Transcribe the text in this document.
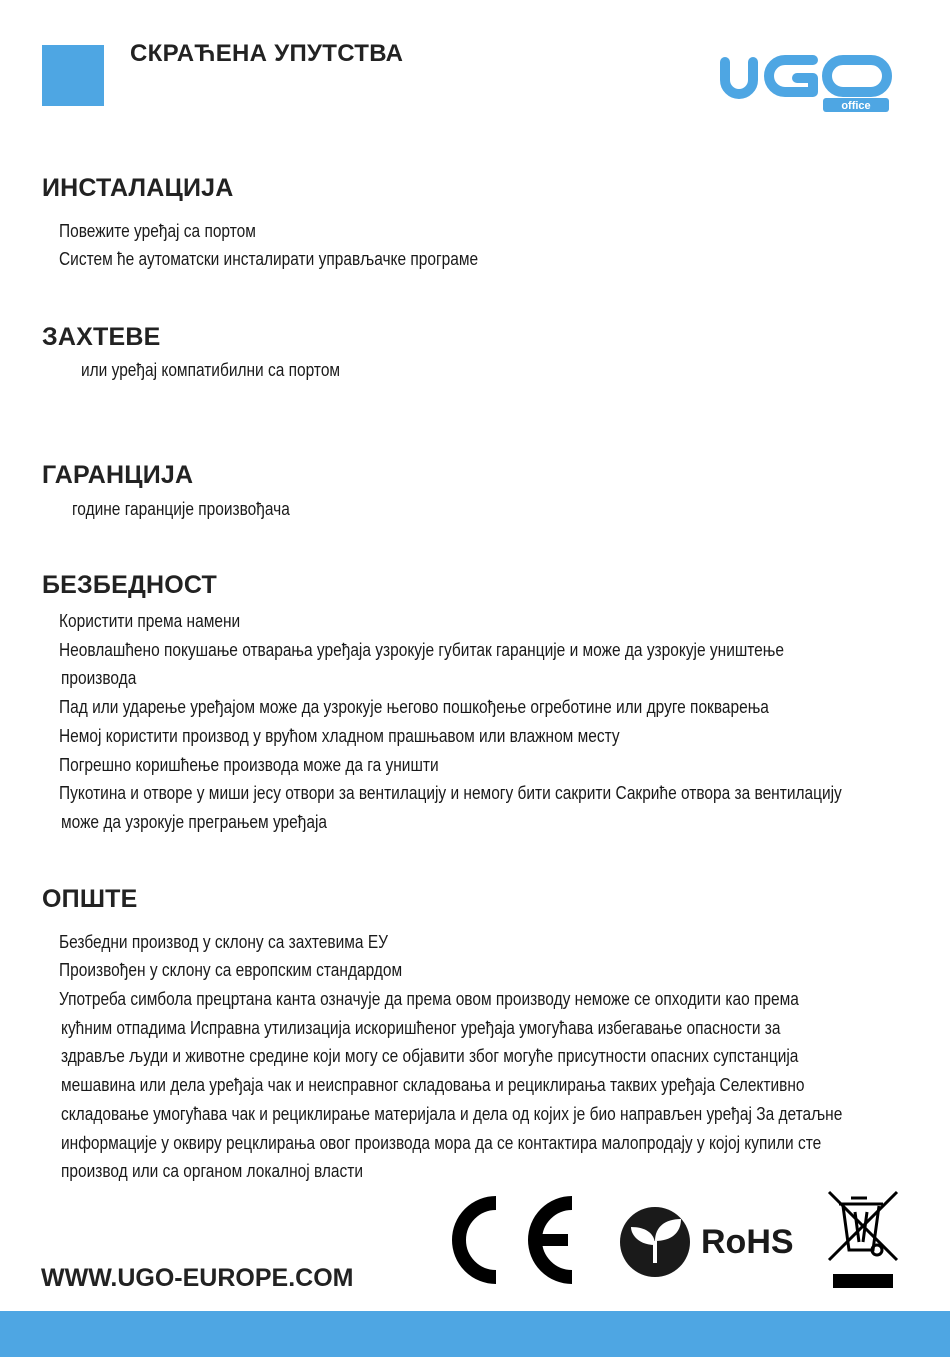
СКРАЋЕНА УПУТСТВА
office
ИНСТАЛАЦИЈА

Повежите уређај са портом

Систем ће аутоматски инсталирати управљачке програме

ЗАХТЕВЕ

или уређај компатибилни са портом

ГАРАНЦИЈА

године гаранције произвођача

БЕЗБЕДНОСТ

Користити према намени

Неовлашћено покушање отварања уређаја узрокује губитак гаранције и може да узрокује уништење

производа

Пад или ударење уређајом може да узрокује његово пошкођење огреботине или друге покварења

Немој користити производ у врућом хладном прашњавом или влажном месту

Погрешно коришћење производа може да га уништи

Пукотина и отворе у миши јесу отвори за вентилацију и немогу бити сакрити Сакриће отвора за вентилацију

може да узрокује преграњем уређаја

ОПШТЕ

Безбедни производ у склону са захтевима ЕУ

Произвођен у склону са европским стандардом

Употреба симбола прецртана канта означује да према овом производу неможе се опходити као према

кућним отпадима Исправна утилизација искоришћеног уређаја умогућава избегавање опасности за

здравље људи и животне средине који могу се објавити због могуће присутности опасних супстанција

мешавина или дела уређаја чак и неисправног складовања и рециклирања таквих уређаја Селективно

складовање умогућава чак и рециклирање материјала и дела од којих је био направљен уређај За детаљне

информације у оквиру рецклирања овог производа мора да се контактира малопродају у којој купили сте

производ или са органом локалној власти

WWW.UGO-EUROPE.COM
RoHS
